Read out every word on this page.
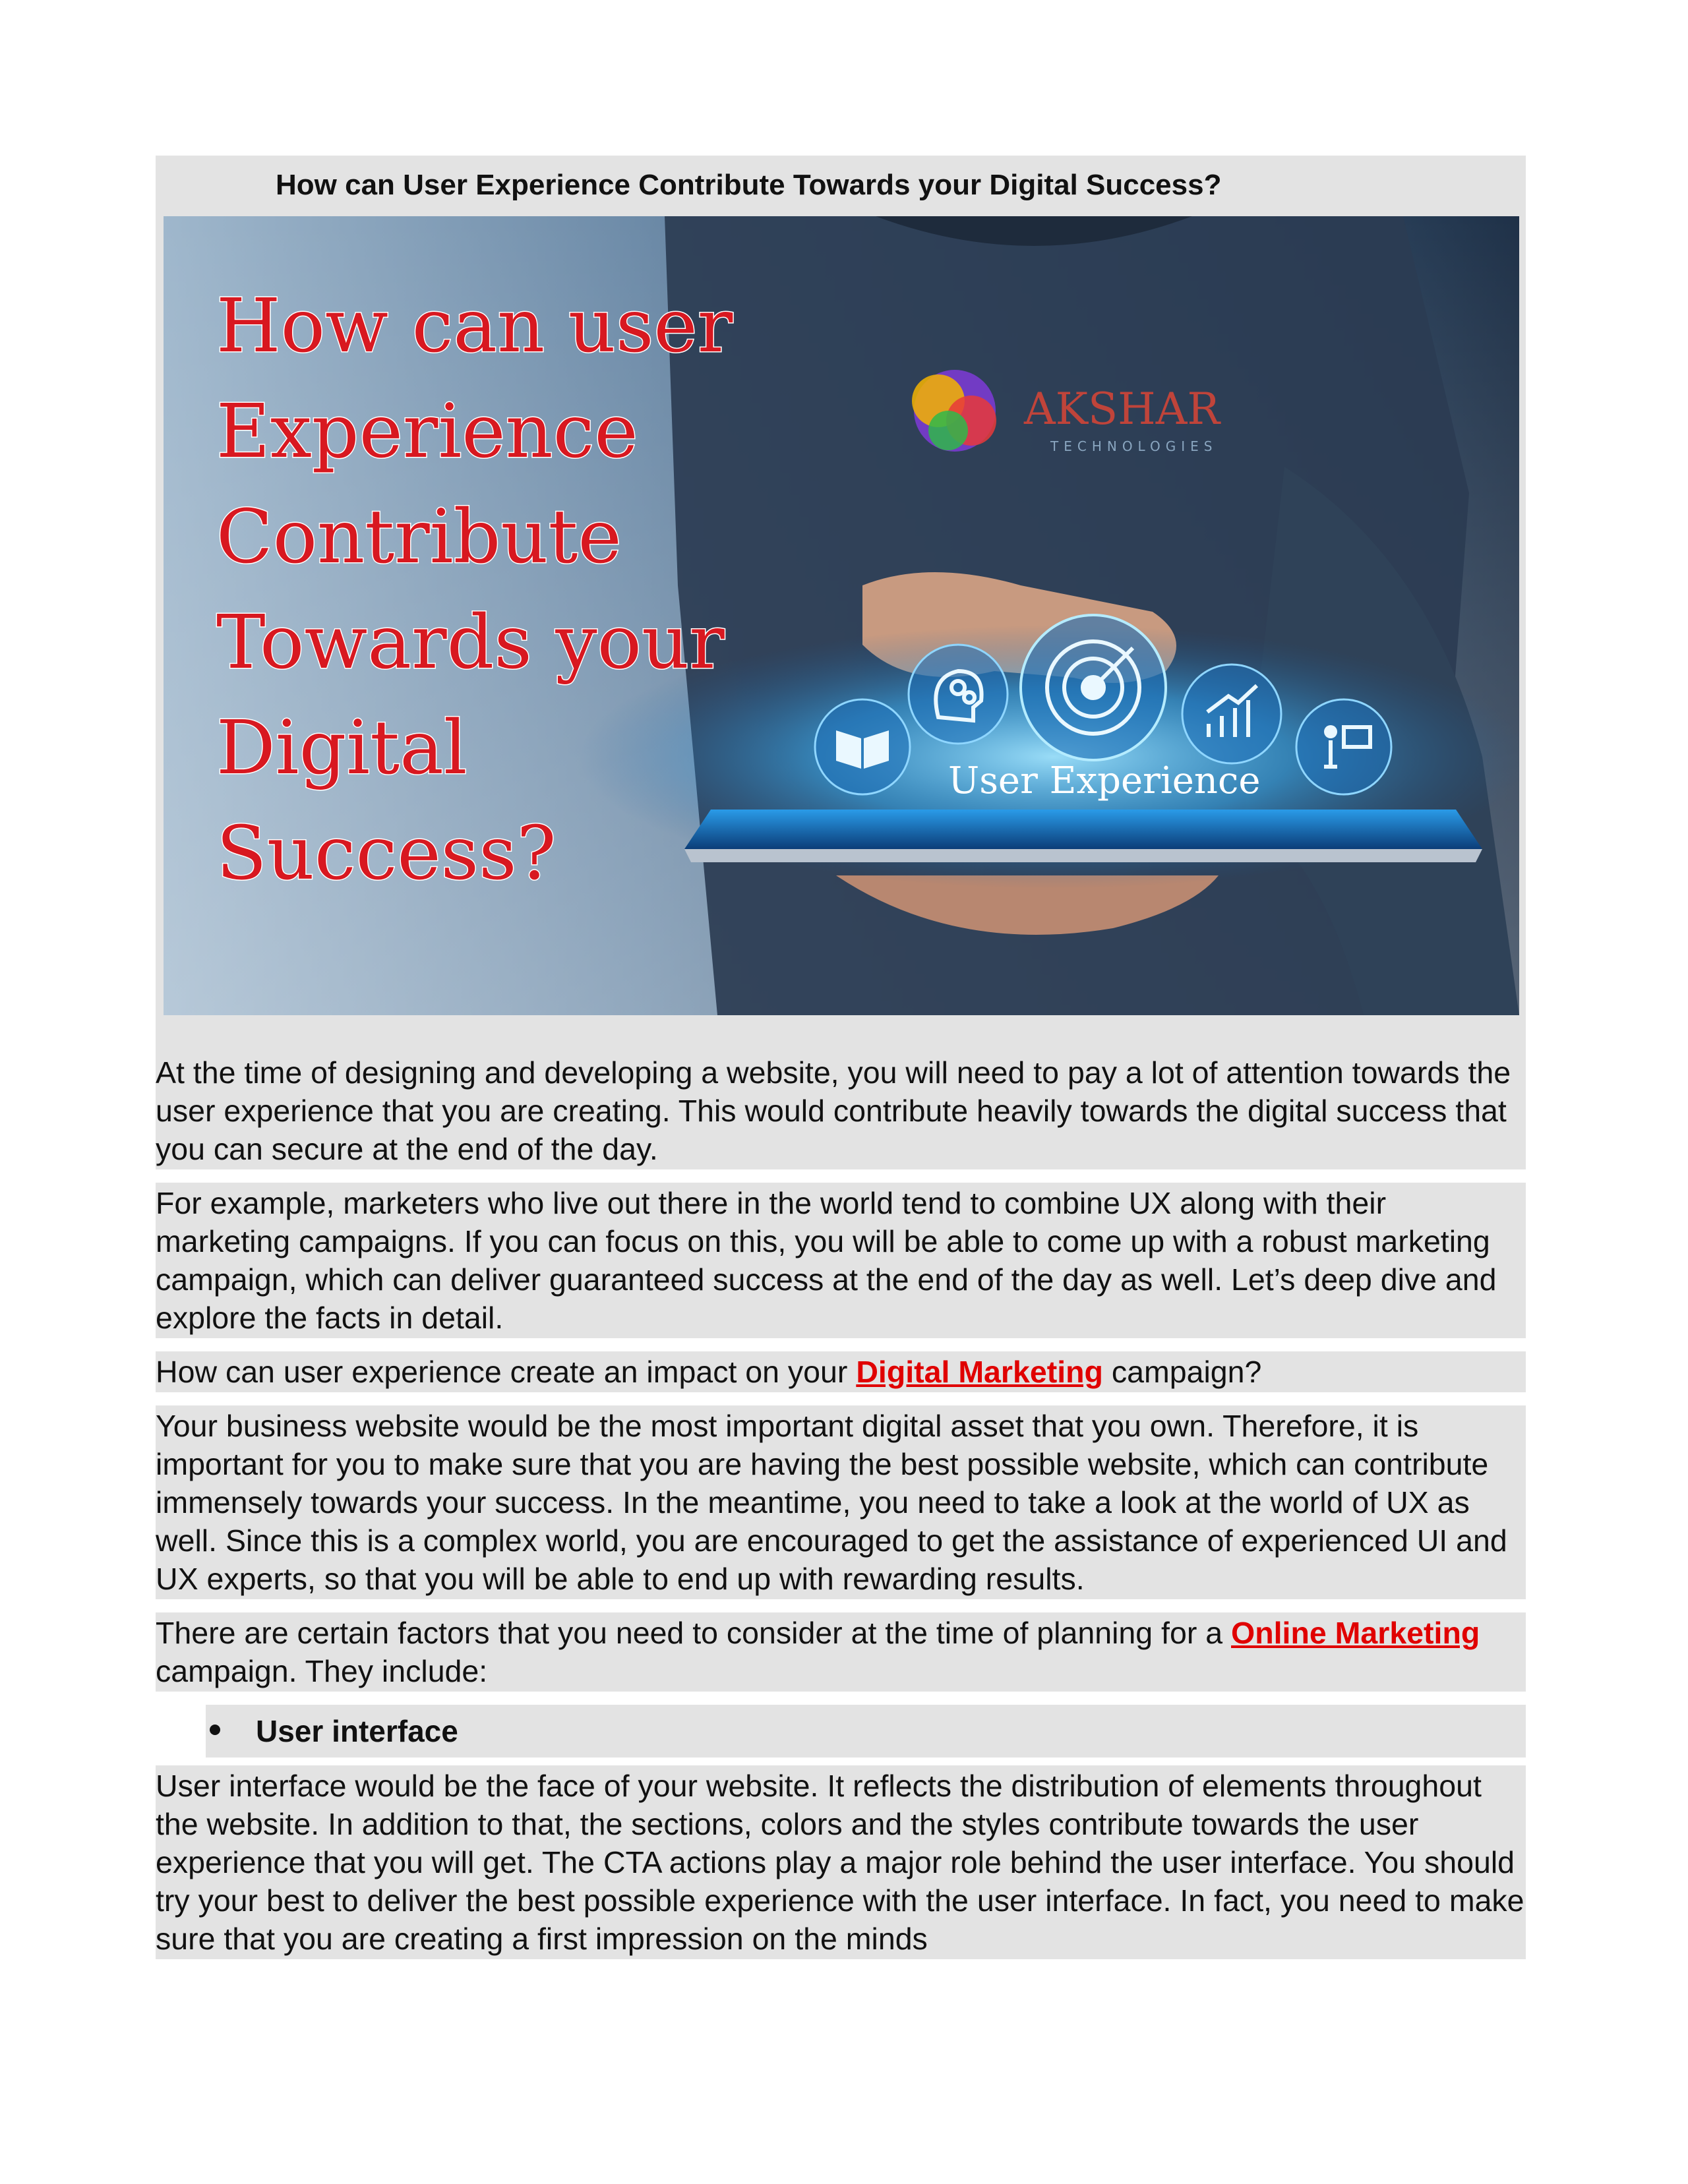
How can User Experience Contribute Towards your Digital Success?
How can user
Experience
Contribute
Towards your
Digital
Success?
AKSHAR
TECHNOLOGIES
User Experience

At the time of designing and developing a website, you will need to pay a lot of attention towards the user experience that you are creating. This would contribute heavily towards the digital success that you can secure at the end of the day.

For example, marketers who live out there in the world tend to combine UX along with their marketing campaigns. If you can focus on this, you will be able to come up with a robust marketing campaign, which can deliver guaranteed success at the end of the day as well. Let’s deep dive and explore the facts in detail.

How can user experience create an impact on your Digital Marketing campaign?

Your business website would be the most important digital asset that you own. Therefore, it is important for you to make sure that you are having the best possible website, which can contribute immensely towards your success. In the meantime, you need to take a look at the world of UX as well. Since this is a complex world, you are encouraged to get the assistance of experienced UI and UX experts, so that you will be able to end up with rewarding results.

There are certain factors that you need to consider at the time of planning for a Online Marketing campaign. They include:

User interface

User interface would be the face of your website. It reflects the distribution of elements throughout the website. In addition to that, the sections, colors and the styles contribute towards the user experience that you will get. The CTA actions play a major role behind the user interface. You should try your best to deliver the best possible experience with the user interface. In fact, you need to make sure that you are creating a first impression on the minds
